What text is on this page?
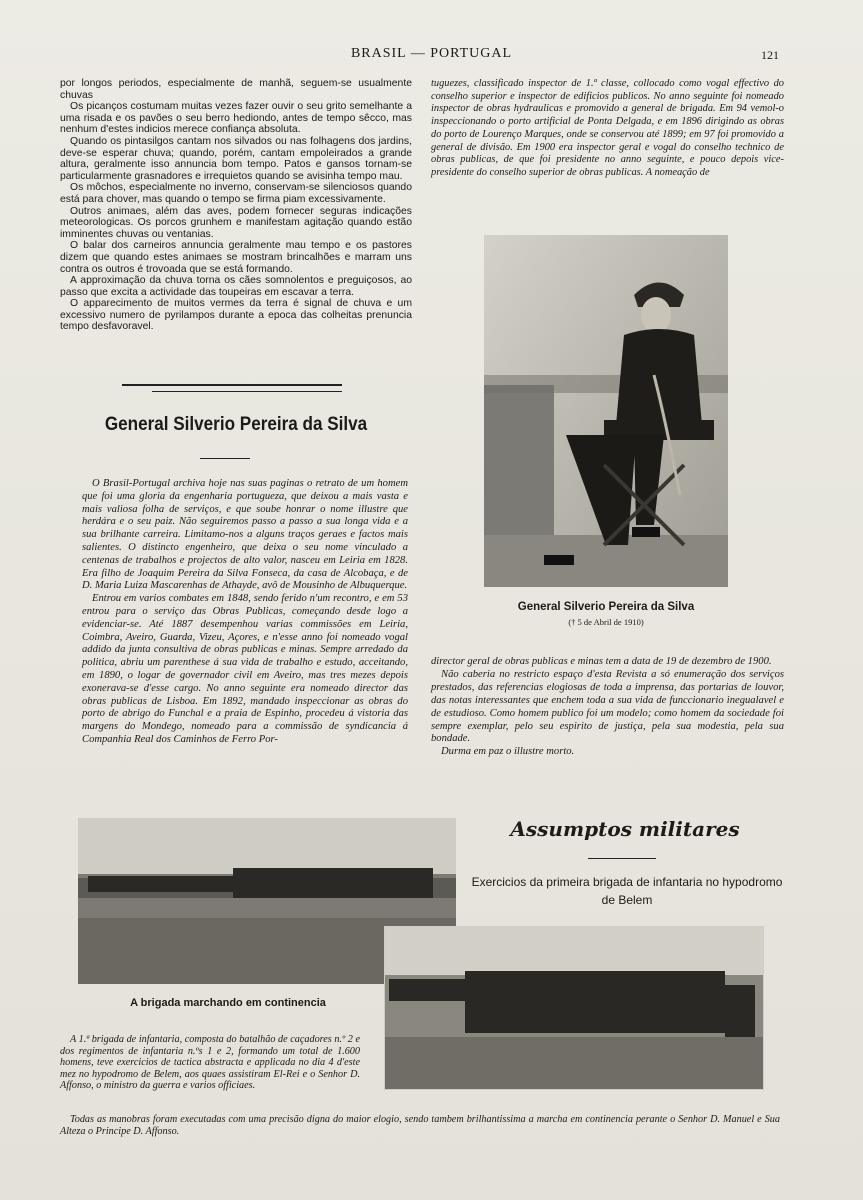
BRASIL — PORTUGAL	121

por longos periodos, especialmente de manhã, seguem-se usualmente chuvas

Os picanços costumam muitas vezes fazer ouvir o seu grito semelhante a uma risada e os pavões o seu berro hediondo, antes de tempo sêcco, mas nenhum d'estes indicios merece confiança absoluta.

Quando os pintasilgos cantam nos silvados ou nas folhagens dos jardins, deve-se esperar chuva; quando, porém, cantam empoleirados a grande altura, geralmente isso annuncia bom tempo. Patos e gansos tornam-se particularmente grasnadores e irrequietos quando se avisinha tempo mau.

Os môchos, especialmente no inverno, conservam-se silenciosos quando está para chover, mas quando o tempo se firma piam excessivamente.

Outros animaes, além das aves, podem fornecer seguras indicações meteorologicas. Os porcos grunhem e manifestam agitação quando estão imminentes chuvas ou ventanias.

O balar dos carneiros annuncia geralmente mau tempo e os pastores dizem que quando estes animaes se mostram brincalhões e marram uns contra os outros é trovoada que se está formando.

A approximação da chuva torna os cães somnolentos e preguiçosos, ao passo que excita a actividade das toupeiras em escavar a terra.

O apparecimento de muitos vermes da terra é signal de chuva e um excessivo numero de pyrilampos durante a epoca das colheitas prenuncia tempo desfavoravel.

tuguezes, classificado inspector de 1.ª classe, collocado como vogal effectivo do conselho superior e inspector de edificios publicos. No anno seguinte foi nomeado inspector de obras hydraulicas e promovido a general de brigada. Em 94 vemol-o inspeccionando o porto artificial de Ponta Delgada, e em 1896 dirigindo as obras do porto de Lourenço Marques, onde se conservou até 1899; em 97 foi promovido a general de divisão. Em 1900 era inspector geral e vogal do conselho technico de obras publicas, de que foi presidente no anno seguinte, e pouco depois vice-presidente do conselho superior de obras publicas. A nomeação de

General Silverio Pereira da Silva

O Brasil-Portugal archiva hoje nas suas paginas o retrato de um homem que foi uma gloria da engenharia portugueza, que deixou a mais vasta e mais valiosa folha de serviços, e que soube honrar o nome illustre que herdára e o seu paiz. Não seguiremos passo a passo a sua longa vida e a sua brilhante carreira. Limitamo-nos a alguns traços geraes e factos mais salientes. O distincto engenheiro, que deixa o seu nome vinculado a centenas de trabalhos e projectos de alto valor, nasceu em Leiria em 1828. Era filho de Joaquim Pereira da Silva Fonseca, da casa de Alcobaça, e de D. Maria Luiza Mascarenhas de Athayde, avô de Mousinho de Albuquerque.

Entrou em varios combates em 1848, sendo ferido n'um recontro, e em 53 entrou para o serviço das Obras Publicas, começando desde logo a evidenciar-se. Até 1887 desempenhou varias commissões em Leiria, Coimbra, Aveiro, Guarda, Vizeu, Açores, e n'esse anno foi nomeado vogal addido da junta consultiva de obras publicas e minas. Sempre arredado da politica, abriu um parenthese á sua vida de trabalho e estudo, acceitando, em 1890, o logar de governador civil em Aveiro, mas tres mezes depois exonerava-se d'esse cargo. No anno seguinte era nomeado director das obras publicas de Lisboa. Em 1892, mandado inspeccionar as obras do porto de abrigo do Funchal e a praia de Espinho, procedeu á vistoria das margens do Mondego, nomeado para a commissão de syndicancia á Companhia Real dos Caminhos de Ferro Por-

General Silverio Pereira da Silva
(† 5 de Abril de 1910)

director geral de obras publicas e minas tem a data de 19 de dezembro de 1900.

Não caberia no restricto espaço d'esta Revista a só enumeração dos serviços prestados, das referencias elogiosas de toda a imprensa, das portarias de louvor, das notas interessantes que enchem toda a sua vida de funccionario inegualavel e de estudioso. Como homem publico foi um modelo; como homem da sociedade foi sempre exemplar, pelo seu espirito de justiça, pela sua modestia, pela sua bondade.

Durma em paz o illustre morto.

Assumptos militares
Exercicios da primeira brigada de infantaria no hypodromo de Belem
A brigada marchando em continencia

A 1.ª brigada de infantaria, composta do batalhão de caçadores n.º 2 e dos regimentos de infantaria n.ºs 1 e 2, formando um total de 1.600 homens, teve exercicios de tactica abstracta e applicada no dia 4 d'este mez no hypodromo de Belem, aos quaes assistiram El-Rei e o Senhor D. Affonso, o ministro da guerra e varios officiaes.

Todas as manobras foram executadas com uma precisão digna do maior elogio, sendo tambem brilhantissima a marcha em continencia perante o Senhor D. Manuel e Sua Alteza o Principe D. Affonso.
